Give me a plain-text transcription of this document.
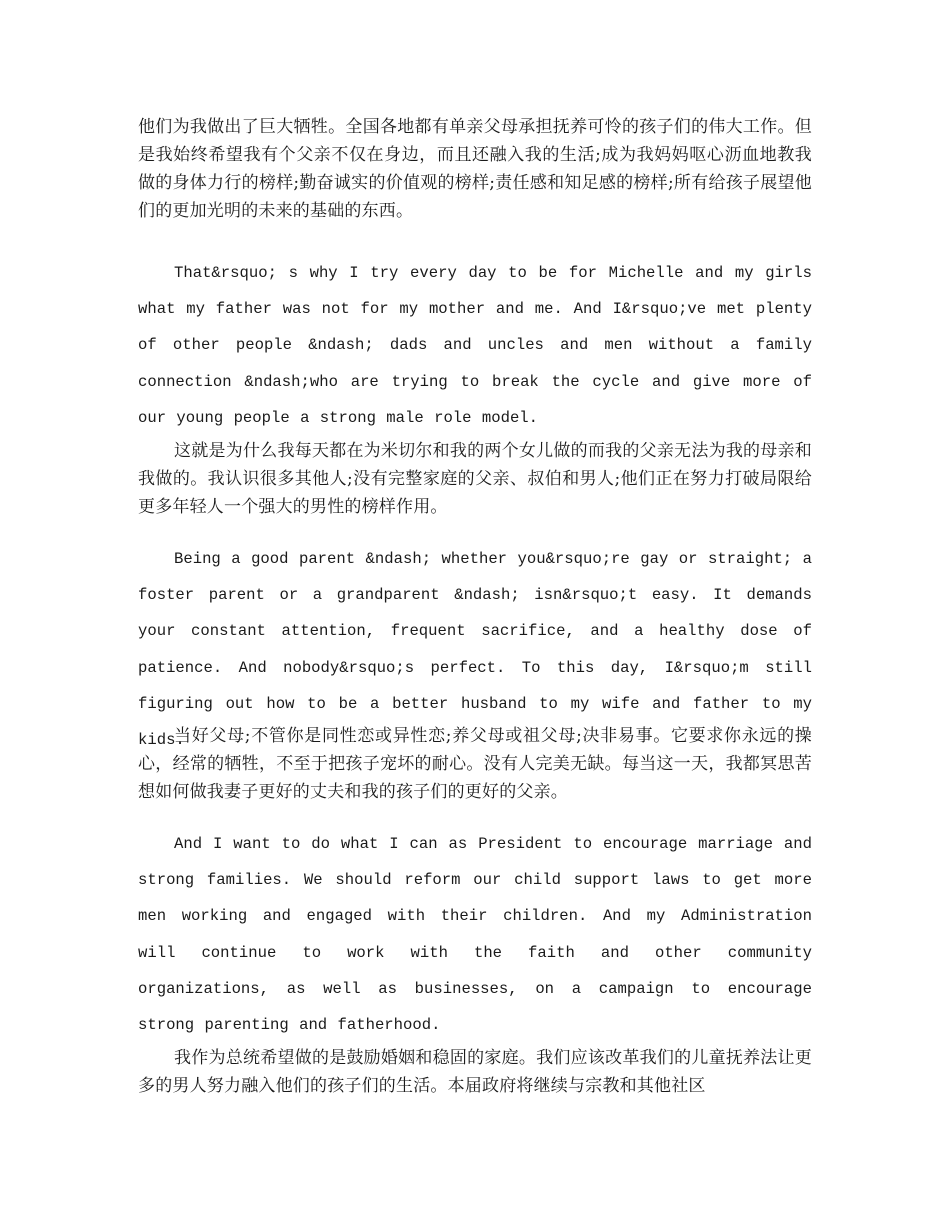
他们为我做出了巨大牺牲。全国各地都有单亲父母承担抚养可怜的孩子们的伟大工作。但是我始终希望我有个父亲不仅在身边，而且还融入我的生活;成为我妈妈呕心沥血地教我做的身体力行的榜样;勤奋诚实的价值观的榜样;责任感和知足感的榜样;所有给孩子展望他们的更加光明的未来的基础的东西。

That&rsquo; s why I try every day to be for Michelle and my girls what my father was not for my mother and me. And I&rsquo;ve met plenty of other people &ndash; dads and uncles and men without a family connection &ndash;who are trying to break the cycle and give more of our young people a strong male role model.

这就是为什么我每天都在为米切尔和我的两个女儿做的而我的父亲无法为我的母亲和我做的。我认识很多其他人;没有完整家庭的父亲、叔伯和男人;他们正在努力打破局限给更多年轻人一个强大的男性的榜样作用。

Being a good parent &ndash; whether you&rsquo;re gay or straight; a foster parent or a grandparent &ndash; isn&rsquo;t easy. It demands your constant attention, frequent sacrifice, and a healthy dose of patience. And nobody&rsquo;s perfect. To this day, I&rsquo;m still figuring out how to be a better husband to my wife and father to my kids.

当好父母;不管你是同性恋或异性恋;养父母或祖父母;决非易事。它要求你永远的操心，经常的牺牲，不至于把孩子宠坏的耐心。没有人完美无缺。每当这一天，我都冥思苦想如何做我妻子更好的丈夫和我的孩子们的更好的父亲。

And I want to do what I can as President to encourage marriage and strong families. We should reform our child support laws to get more men working and engaged with their children. And my Administration will continue to work with the faith and other community organizations, as well as businesses, on a campaign to encourage strong parenting and fatherhood.

我作为总统希望做的是鼓励婚姻和稳固的家庭。我们应该改革我们的儿童抚养法让更多的男人努力融入他们的孩子们的生活。本届政府将继续与宗教和其他社区
